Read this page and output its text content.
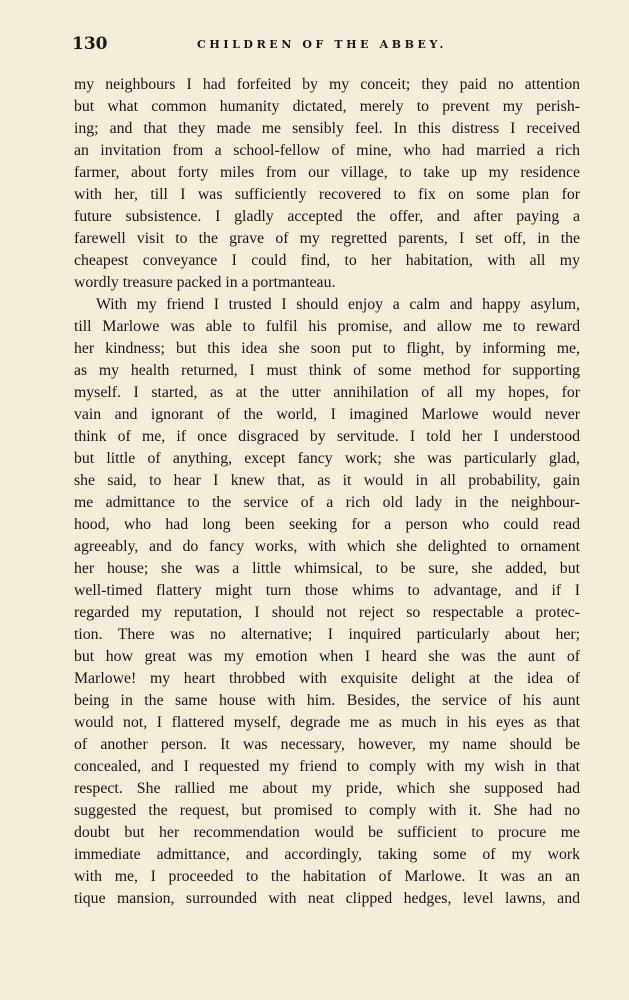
130	CHILDREN OF THE ABBEY.
my neighbours I had forfeited by my conceit; they paid no attention
but what common humanity dictated, merely to prevent my perish-
ing; and that they made me sensibly feel. In this distress I received
an invitation from a school-fellow of mine, who had married a rich
farmer, about forty miles from our village, to take up my residence
with her, till I was sufficiently recovered to fix on some plan for
future subsistence. I gladly accepted the offer, and after paying a
farewell visit to the grave of my regretted parents, I set off, in the
cheapest conveyance I could find, to her habitation, with all my
wordly treasure packed in a portmanteau.
With my friend I trusted I should enjoy a calm and happy asylum,
till Marlowe was able to fulfil his promise, and allow me to reward
her kindness; but this idea she soon put to flight, by informing me,
as my health returned, I must think of some method for supporting
myself. I started, as at the utter annihilation of all my hopes, for
vain and ignorant of the world, I imagined Marlowe would never
think of me, if once disgraced by servitude. I told her I understood
but little of anything, except fancy work; she was particularly glad,
she said, to hear I knew that, as it would in all probability, gain
me admittance to the service of a rich old lady in the neighbour-
hood, who had long been seeking for a person who could read
agreeably, and do fancy works, with which she delighted to ornament
her house; she was a little whimsical, to be sure, she added, but
well-timed flattery might turn those whims to advantage, and if I
regarded my reputation, I should not reject so respectable a protec-
tion. There was no alternative; I inquired particularly about her;
but how great was my emotion when I heard she was the aunt of
Marlowe! my heart throbbed with exquisite delight at the idea of
being in the same house with him. Besides, the service of his aunt
would not, I flattered myself, degrade me as much in his eyes as that
of another person. It was necessary, however, my name should be
concealed, and I requested my friend to comply with my wish in that
respect. She rallied me about my pride, which she supposed had
suggested the request, but promised to comply with it. She had no
doubt but her recommendation would be sufficient to procure me
immediate admittance, and accordingly, taking some of my work
with me, I proceeded to the habitation of Marlowe. It was an an
tique mansion, surrounded with neat clipped hedges, level lawns, and
